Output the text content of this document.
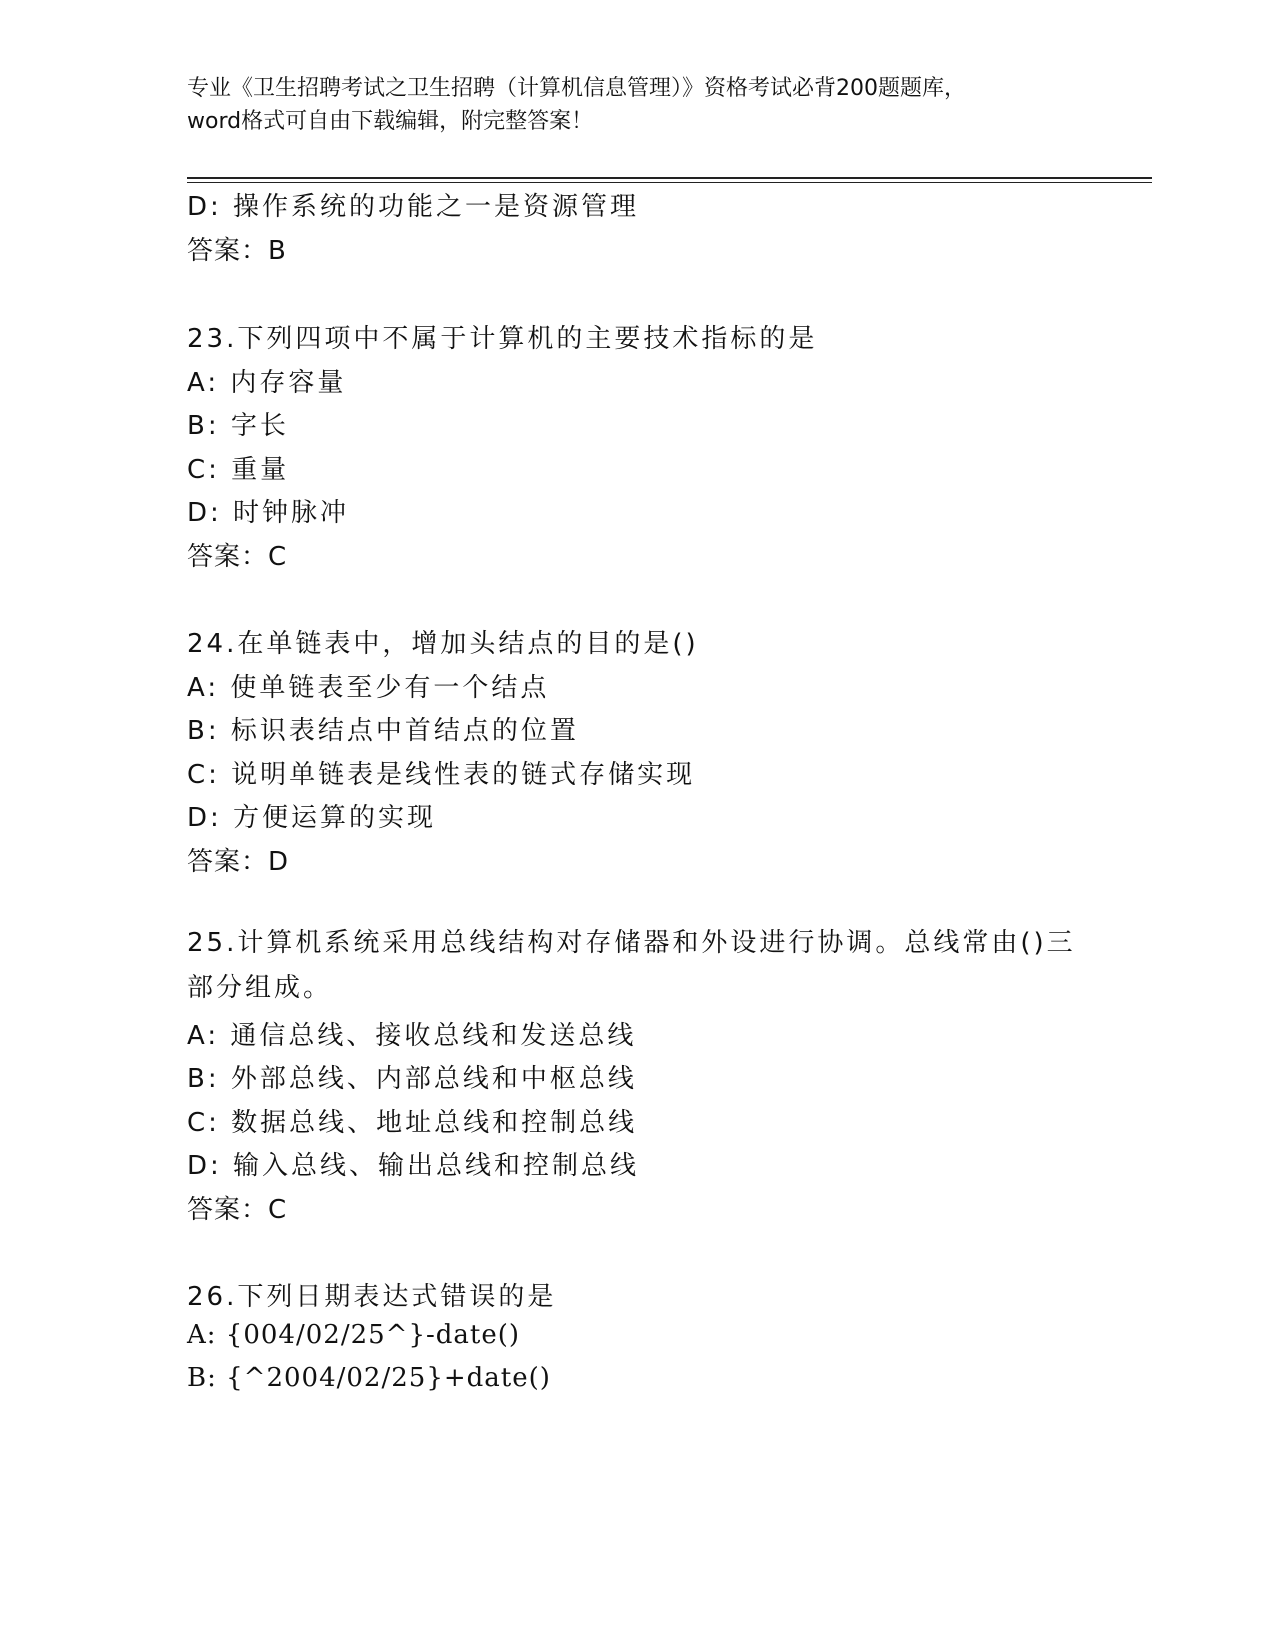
专业《卫生招聘考试之卫生招聘（计算机信息管理）》资格考试必背200题题库，
word格式可自由下载编辑，附完整答案！
D: 操作系统的功能之一是资源管理
答案：B
23.下列四项中不属于计算机的主要技术指标的是
A: 内存容量
B: 字长
C: 重量
D: 时钟脉冲
答案：C
24.在单链表中，增加头结点的目的是()
A: 使单链表至少有一个结点
B: 标识表结点中首结点的位置
C: 说明单链表是线性表的链式存储实现
D: 方便运算的实现
答案：D
25.计算机系统采用总线结构对存储器和外设进行协调。总线常由()三部分组成。
A: 通信总线、接收总线和发送总线
B: 外部总线、内部总线和中枢总线
C: 数据总线、地址总线和控制总线
D: 输入总线、输出总线和控制总线
答案：C
26.下列日期表达式错误的是
A: {004/02/25^}-date()
B: {^2004/02/25}+date()
